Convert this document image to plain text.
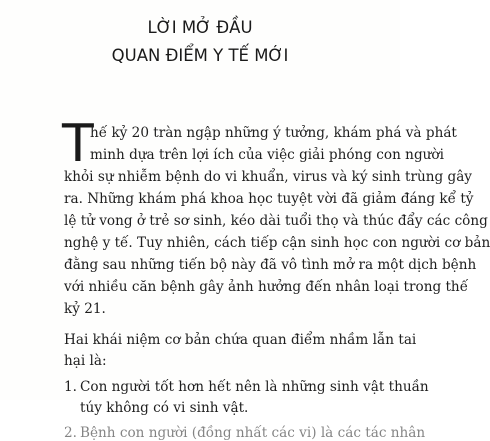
LỜI MỞ ĐẦU
QUAN ĐIỂM Y TẾ MỚI
T
hế kỷ 20 tràn ngập những ý tưởng, khám phá và phát
minh dựa trên lợi ích của việc giải phóng con người
khỏi sự nhiễm bệnh do vi khuẩn, virus và ký sinh trùng gây
ra. Những khám phá khoa học tuyệt vời đã giảm đáng kể tỷ
lệ tử vong ở trẻ sơ sinh, kéo dài tuổi thọ và thúc đẩy các công
nghệ y tế. Tuy nhiên, cách tiếp cận sinh học con người cơ bản
đằng sau những tiến bộ này đã vô tình mở ra một dịch bệnh
với nhiều căn bệnh gây ảnh hưởng đến nhân loại trong thế
kỷ 21.
Hai khái niệm cơ bản chứa quan điểm nhầm lẫn tai
hại là:
1. Con người tốt hơn hết nên là những sinh vật thuần
túy không có vi sinh vật.
2. Bệnh con người (đồng nhất các vi) là các tác nhân
